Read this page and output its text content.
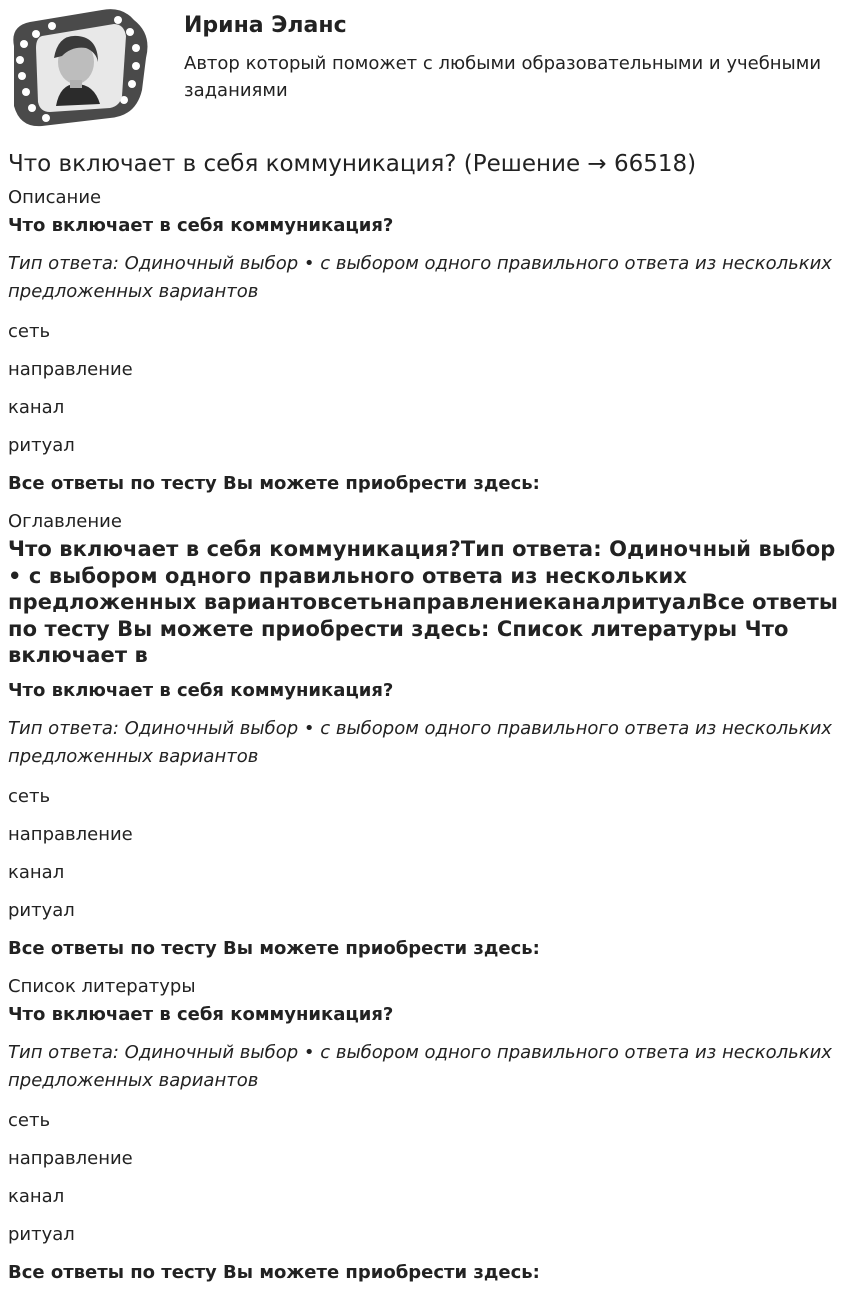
Ирина Эланс

Автор который поможет с любыми образовательными и учебными заданиями

Что включает в себя коммуникация? (Решение → 66518)
Описание

Что включает в себя коммуникация?

Тип ответа: Одиночный выбор • с выбором одного правильного ответа из нескольких предложенных вариантов

сеть

направление

канал

ритуал

Все ответы по тесту Вы можете приобрести здесь:

Оглавление

Что включает в себя коммуникация?Тип ответа: Одиночный выбор • с выбором одного правильного ответа из нескольких предложенных вариантовсетьнаправлениеканалритуалВсе ответы по тесту Вы можете приобрести здесь: Список литературы Что включает в

Что включает в себя коммуникация?

Тип ответа: Одиночный выбор • с выбором одного правильного ответа из нескольких предложенных вариантов

сеть

направление

канал

ритуал

Все ответы по тесту Вы можете приобрести здесь:

Список литературы

Что включает в себя коммуникация?

Тип ответа: Одиночный выбор • с выбором одного правильного ответа из нескольких предложенных вариантов

сеть

направление

канал

ритуал

Все ответы по тесту Вы можете приобрести здесь:
